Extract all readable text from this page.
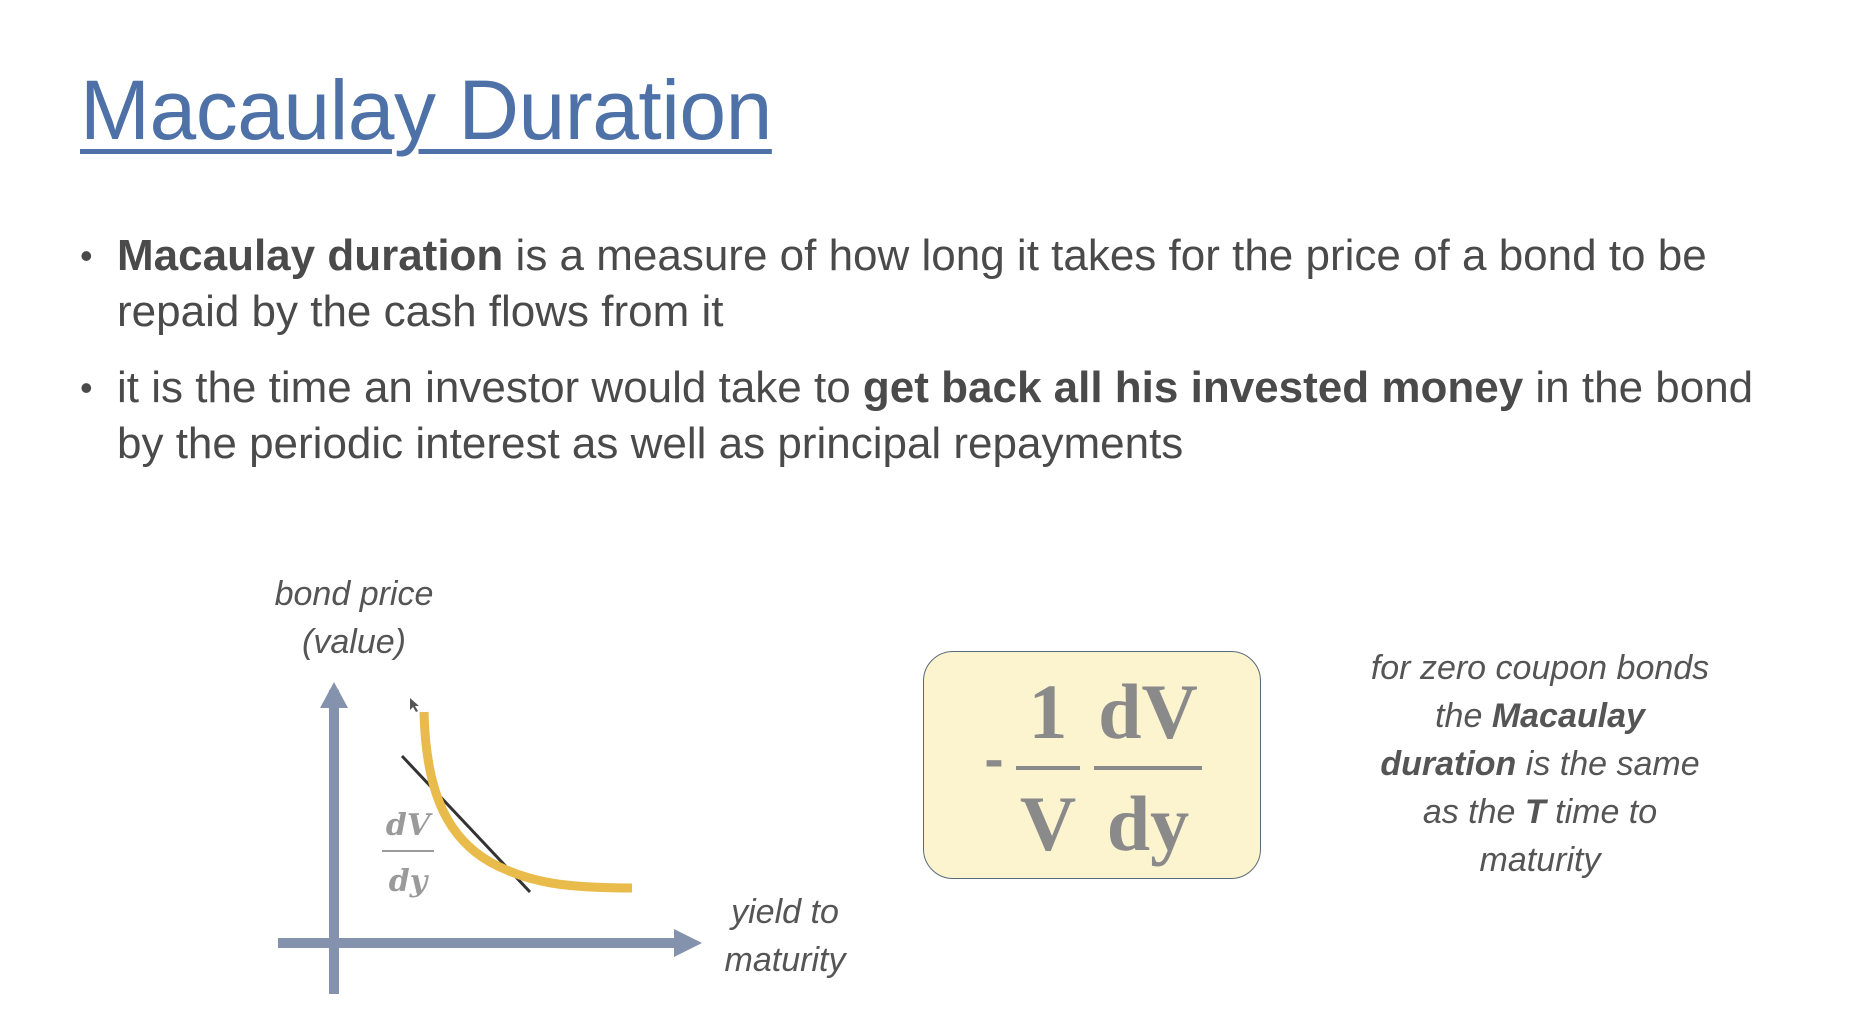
Macaulay Duration
• Macaulay duration is a measure of how long it takes for the price of a bond to be repaid by the cash flows from it
• it is the time an investor would take to get back all his invested money in the bond by the periodic interest as well as principal repayments
bond price
(value)
yield to
maturity
dV
dy
-
1
V
dV
dy
for zero coupon bonds the Macaulay duration is the same as the T time to maturity
